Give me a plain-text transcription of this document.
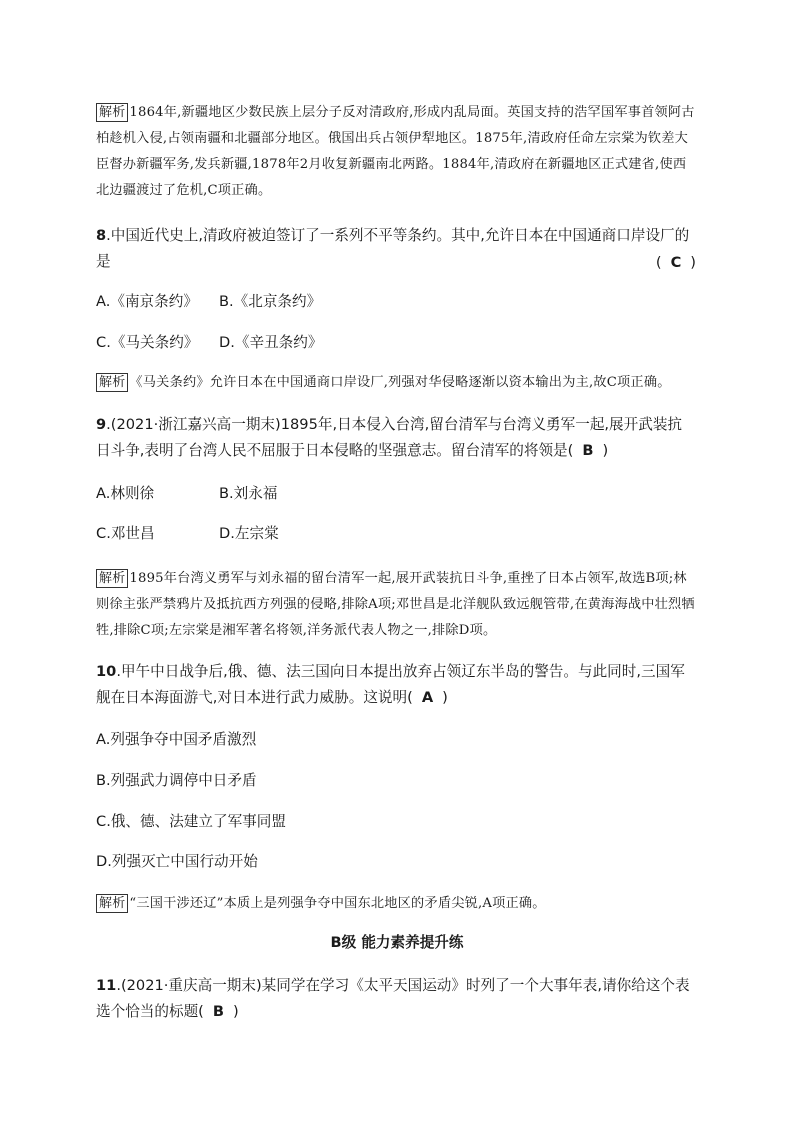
解析 1864年,新疆地区少数民族上层分子反对清政府,形成内乱局面。英国支持的浩罕国军事首领阿古柏趁机入侵,占领南疆和北疆部分地区。俄国出兵占领伊犁地区。1875年,清政府任命左宗棠为钦差大臣督办新疆军务,发兵新疆,1878年2月收复新疆南北两路。1884年,清政府在新疆地区正式建省,使西北边疆渡过了危机,C项正确。
8.中国近代史上,清政府被迫签订了一系列不平等条约。其中,允许日本在中国通商口岸设厂的是	( C )
A.《南京条约》 B.《北京条约》
C.《马关条约》 D.《辛丑条约》
解析 《马关条约》允许日本在中国通商口岸设厂,列强对华侵略逐渐以资本输出为主,故C项正确。
9.(2021·浙江嘉兴高一期末)1895年,日本侵入台湾,留台清军与台湾义勇军一起,展开武装抗日斗争,表明了台湾人民不屈服于日本侵略的坚强意志。留台清军的将领是( B )
A.林则徐	B.刘永福
C.邓世昌	D.左宗棠
解析 1895年台湾义勇军与刘永福的留台清军一起,展开武装抗日斗争,重挫了日本占领军,故选B项;林则徐主张严禁鸦片及抵抗西方列强的侵略,排除A项;邓世昌是北洋舰队致远舰管带,在黄海海战中壮烈牺牲,排除C项;左宗棠是湘军著名将领,洋务派代表人物之一,排除D项。
10.甲午中日战争后,俄、德、法三国向日本提出放弃占领辽东半岛的警告。与此同时,三国军舰在日本海面游弋,对日本进行武力威胁。这说明( A )
A.列强争夺中国矛盾激烈
B.列强武力调停中日矛盾
C.俄、德、法建立了军事同盟
D.列强灭亡中国行动开始
解析 “三国干涉还辽”本质上是列强争夺中国东北地区的矛盾尖锐,A项正确。
B级 能力素养提升练
11.(2021·重庆高一期末)某同学在学习《太平天国运动》时列了一个大事年表,请你给这个表选个恰当的标题( B )
